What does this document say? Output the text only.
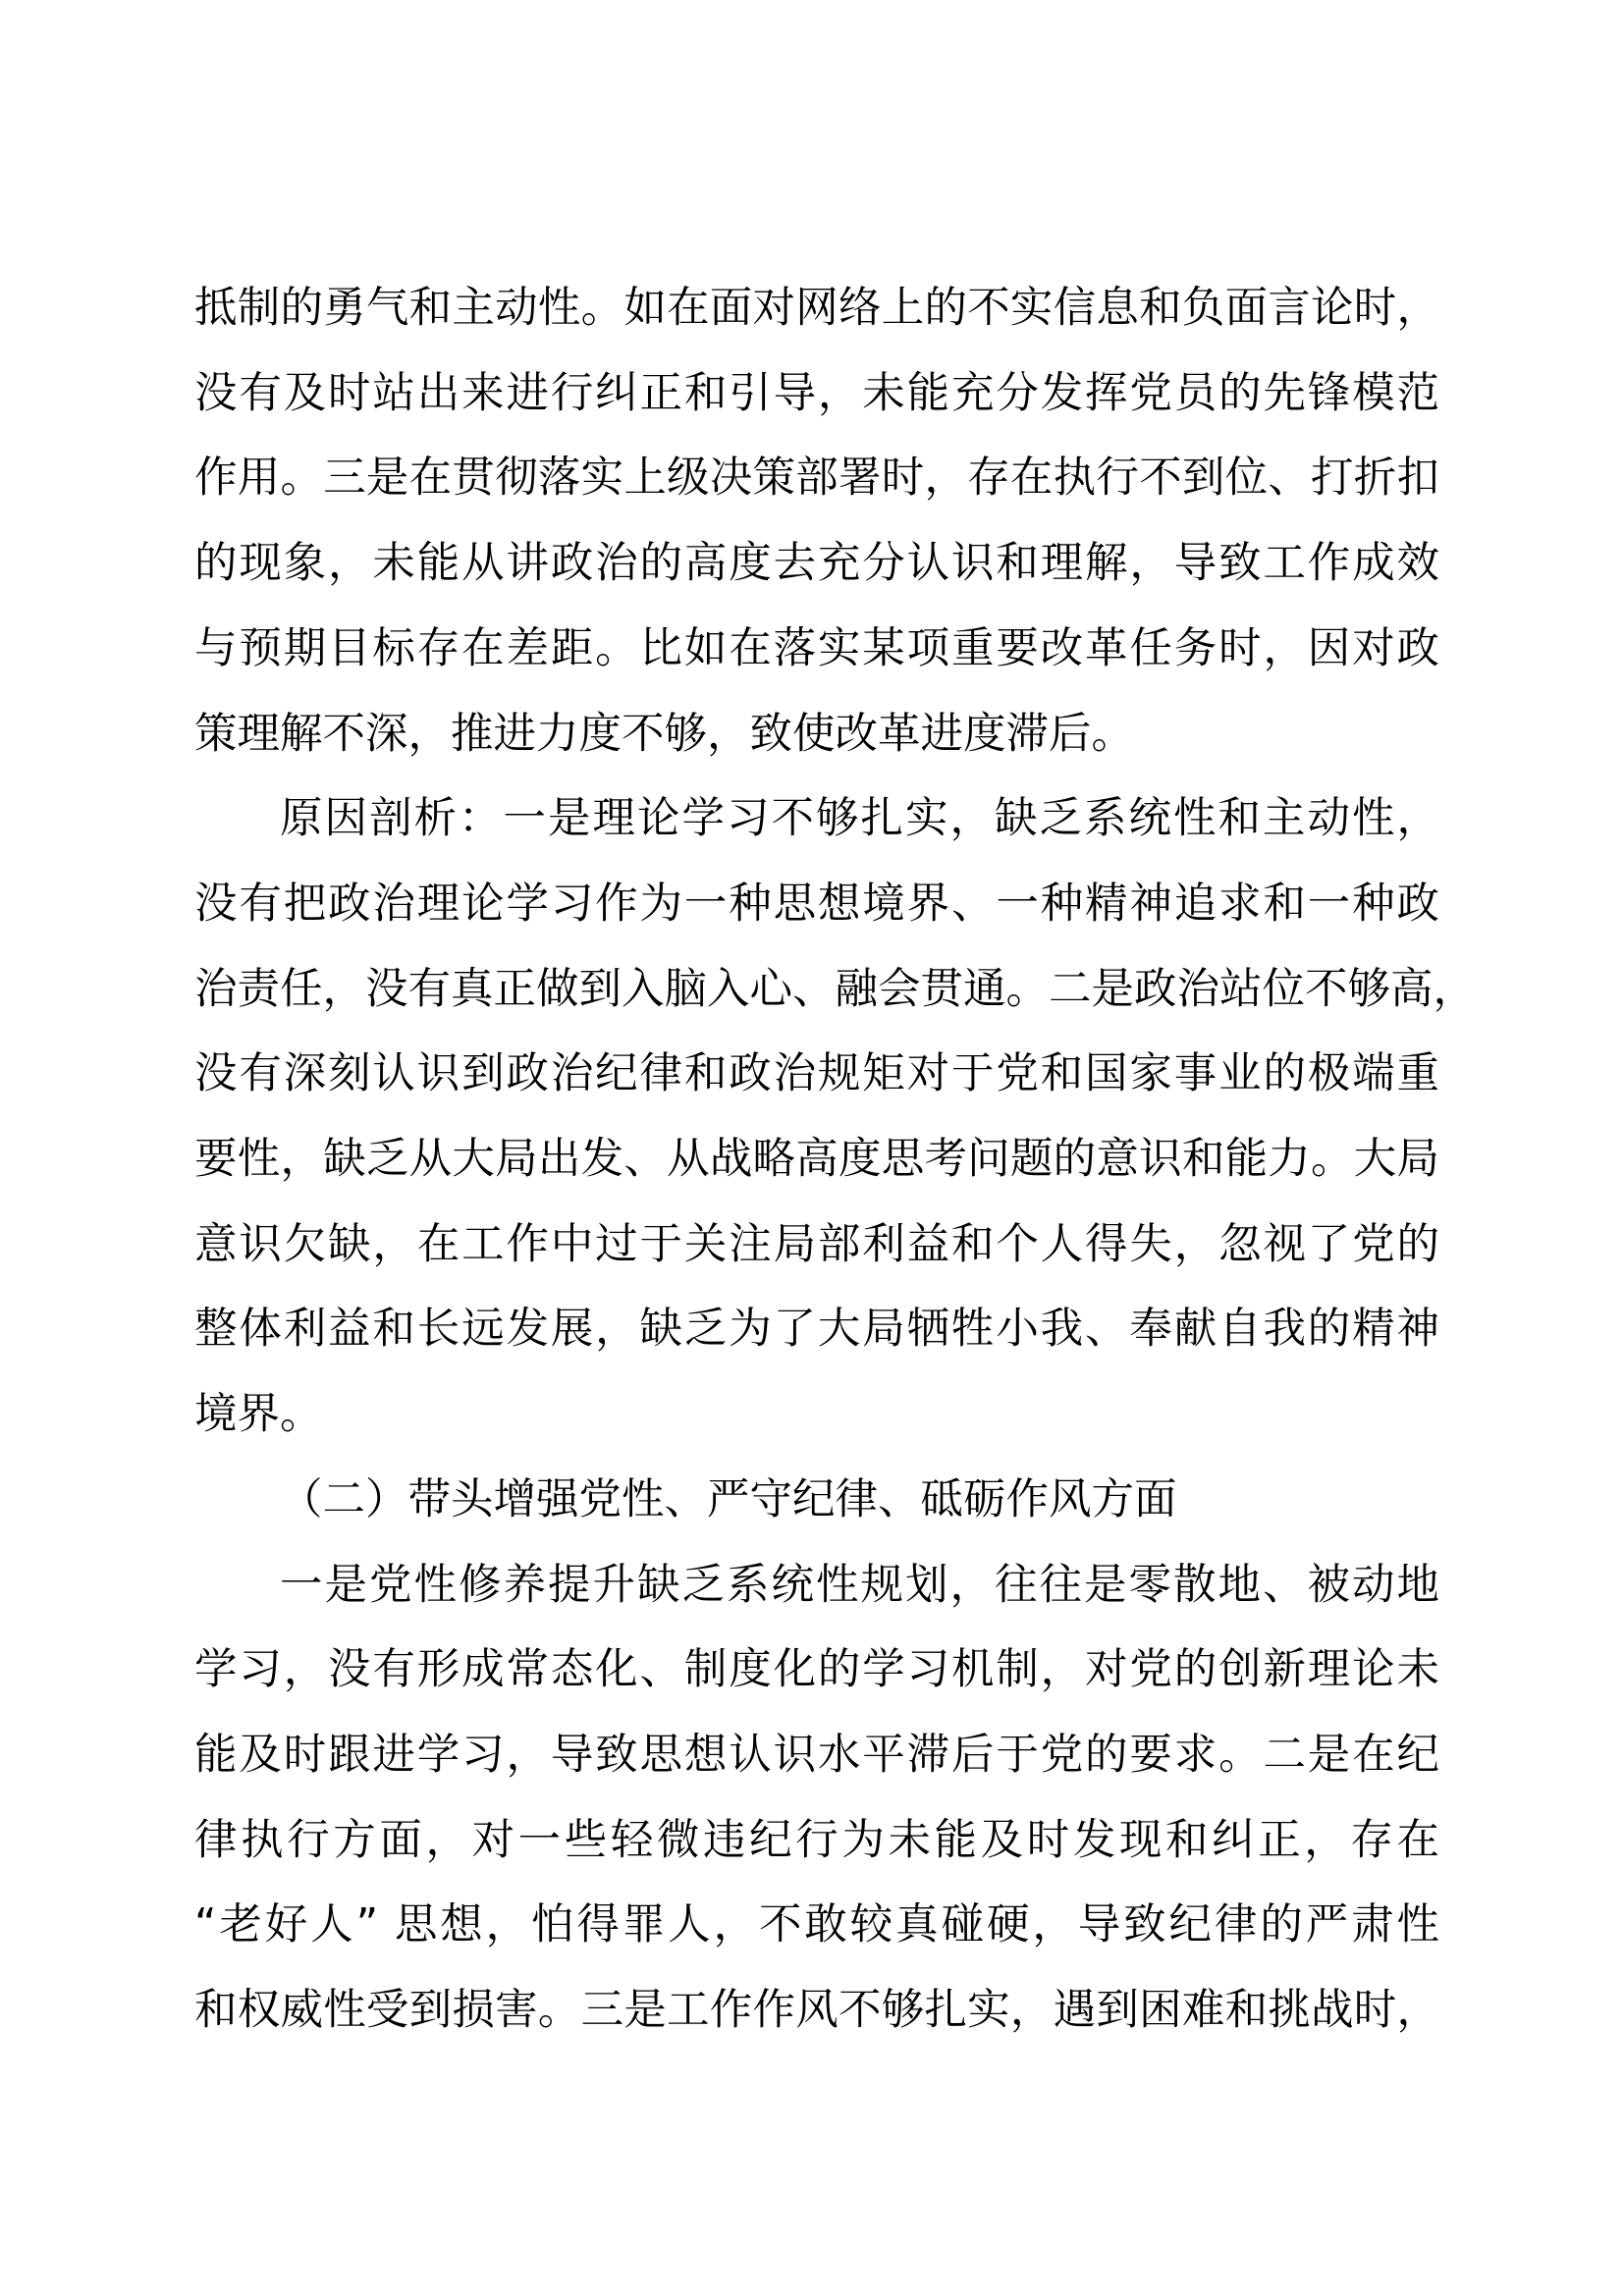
抵制的勇气和主动性。如在面对网络上的不实信息和负面言论时，
没有及时站出来进行纠正和引导，未能充分发挥党员的先锋模范
作用。三是在贯彻落实上级决策部署时，存在执行不到位、打折扣
的现象，未能从讲政治的高度去充分认识和理解，导致工作成效
与预期目标存在差距。比如在落实某项重要改革任务时，因对政
策理解不深，推进力度不够，致使改革进度滞后。

原因剖析：一是理论学习不够扎实，缺乏系统性和主动性，
没有把政治理论学习作为一种思想境界、一种精神追求和一种政
治责任，没有真正做到入脑入心、融会贯通。二是政治站位不够高，
没有深刻认识到政治纪律和政治规矩对于党和国家事业的极端重
要性，缺乏从大局出发、从战略高度思考问题的意识和能力。大局
意识欠缺，在工作中过于关注局部利益和个人得失，忽视了党的
整体利益和长远发展，缺乏为了大局牺牲小我、奉献自我的精神
境界。

（二）带头增强党性、严守纪律、砥砺作风方面

一是党性修养提升缺乏系统性规划，往往是零散地、被动地
学习，没有形成常态化、制度化的学习机制，对党的创新理论未
能及时跟进学习，导致思想认识水平滞后于党的要求。二是在纪
律执行方面，对一些轻微违纪行为未能及时发现和纠正，存在
“老好人” 思想，怕得罪人，不敢较真碰硬，导致纪律的严肃性
和权威性受到损害。三是工作作风不够扎实，遇到困难和挑战时，
